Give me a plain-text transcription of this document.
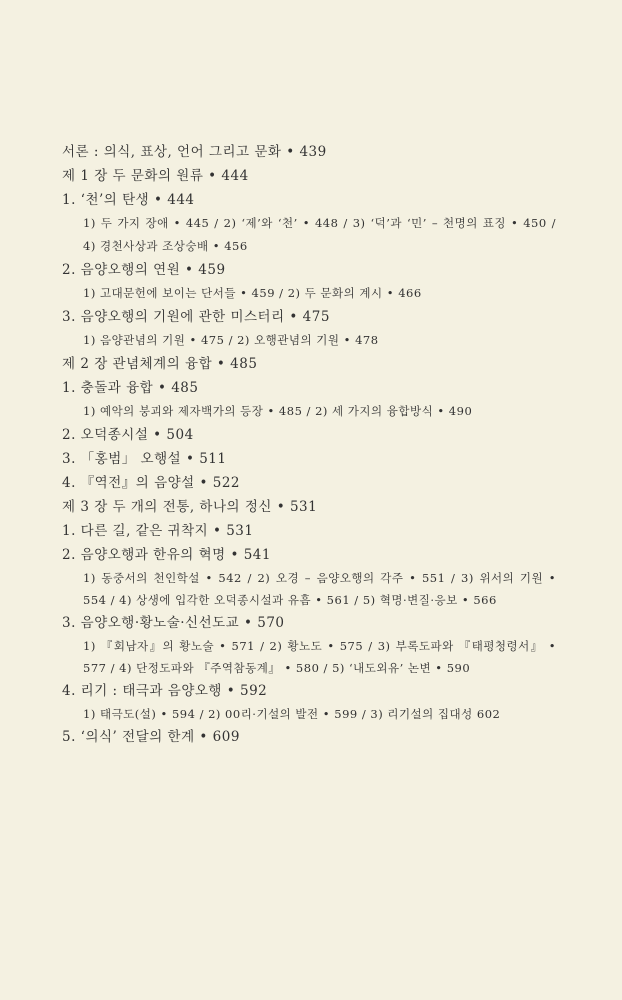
서론 : 의식, 표상, 언어 그리고 문화 • 439
제 1 장 두 문화의 원류 • 444
1. ‘천’의 탄생 • 444
1) 두 가지 장애 • 445 / 2) ‘제’와 ‘천’ • 448 / 3) ‘덕’과 ‘민’ – 천명의 표징 • 450 / 4) 경천사상과 조상숭배 • 456
2. 음양오행의 연원 • 459
1) 고대문헌에 보이는 단서들 • 459 / 2) 두 문화의 계시 • 466
3. 음양오행의 기원에 관한 미스터리 • 475
1) 음양관념의 기원 • 475 / 2) 오행관념의 기원 • 478
제 2 장 관념체계의 융합 • 485
1. 충돌과 융합 • 485
1) 예악의 붕괴와 제자백가의 등장 • 485 / 2) 세 가지의 융합방식 • 490
2. 오덕종시설 • 504
3. 「홍범」 오행설 • 511
4. 『역전』의 음양설 • 522
제 3 장 두 개의 전통, 하나의 정신 • 531
1. 다른 길, 같은 귀착지 • 531
2. 음양오행과 한유의 혁명 • 541
1) 동중서의 천인학설 • 542 / 2) 오경 – 음양오행의 각주 • 551 / 3) 위서의 기원 • 554 / 4) 상생에 입각한 오덕종시설과 유흠 • 561 / 5) 혁명·변질·응보 • 566
3. 음양오행·황노술·신선도교 • 570
1) 『회남자』의 황노술 • 571 / 2) 황노도 • 575 / 3) 부록도파와 『태평청령서』 • 577 / 4) 단정도파와 『주역참동계』 • 580 / 5) ‘내도외유’ 논변 • 590
4. 리기 : 태극과 음양오행 • 592
1) 태극도(설) • 594 / 2) 00리·기설의 발전 • 599 / 3) 리기설의 집대성 602
5. ‘의식’ 전달의 한계 • 609
